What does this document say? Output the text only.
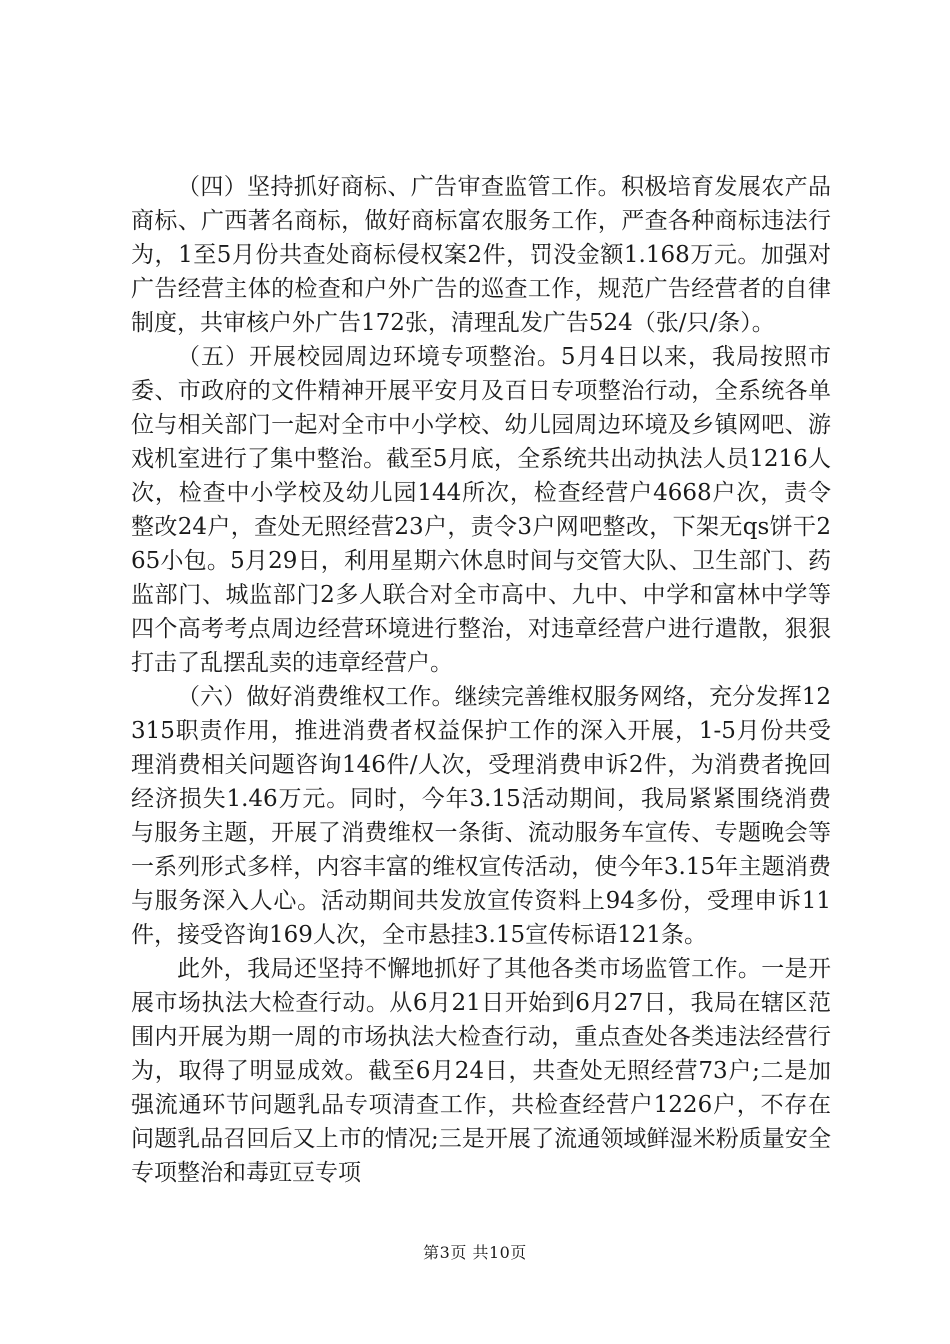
（四）坚持抓好商标、广告审查监管工作。积极培育发展农产品商标、广西著名商标，做好商标富农服务工作，严查各种商标违法行为，1至5月份共查处商标侵权案2件，罚没金额1.168万元。加强对广告经营主体的检查和户外广告的巡查工作，规范广告经营者的自律制度，共审核户外广告172张，清理乱发广告524（张/只/条）。

（五）开展校园周边环境专项整治。5月4日以来，我局按照市委、市政府的文件精神开展平安月及百日专项整治行动，全系统各单位与相关部门一起对全市中小学校、幼儿园周边环境及乡镇网吧、游戏机室进行了集中整治。截至5月底，全系统共出动执法人员1216人次，检查中小学校及幼儿园144所次，检查经营户4668户次，责令整改24户，查处无照经营23户，责令3户网吧整改，下架无qs饼干265小包。5月29日，利用星期六休息时间与交管大队、卫生部门、药监部门、城监部门2多人联合对全市高中、九中、中学和富林中学等四个高考考点周边经营环境进行整治，对违章经营户进行遣散，狠狠打击了乱摆乱卖的违章经营户。

（六）做好消费维权工作。继续完善维权服务网络，充分发挥12315职责作用，推进消费者权益保护工作的深入开展，1-5月份共受理消费相关问题咨询146件/人次，受理消费申诉2件，为消费者挽回经济损失1.46万元。同时，今年3.15活动期间，我局紧紧围绕消费与服务主题，开展了消费维权一条街、流动服务车宣传、专题晚会等一系列形式多样，内容丰富的维权宣传活动，使今年3.15年主题消费与服务深入人心。活动期间共发放宣传资料上94多份，受理申诉11件，接受咨询169人次，全市悬挂3.15宣传标语121条。

此外，我局还坚持不懈地抓好了其他各类市场监管工作。一是开展市场执法大检查行动。从6月21日开始到6月27日，我局在辖区范围内开展为期一周的市场执法大检查行动，重点查处各类违法经营行为，取得了明显成效。截至6月24日，共查处无照经营73户;二是加强流通环节问题乳品专项清查工作，共检查经营户1226户，不存在问题乳品召回后又上市的情况;三是开展了流通领域鲜湿米粉质量安全专项整治和毒豇豆专项

第3页 共10页
